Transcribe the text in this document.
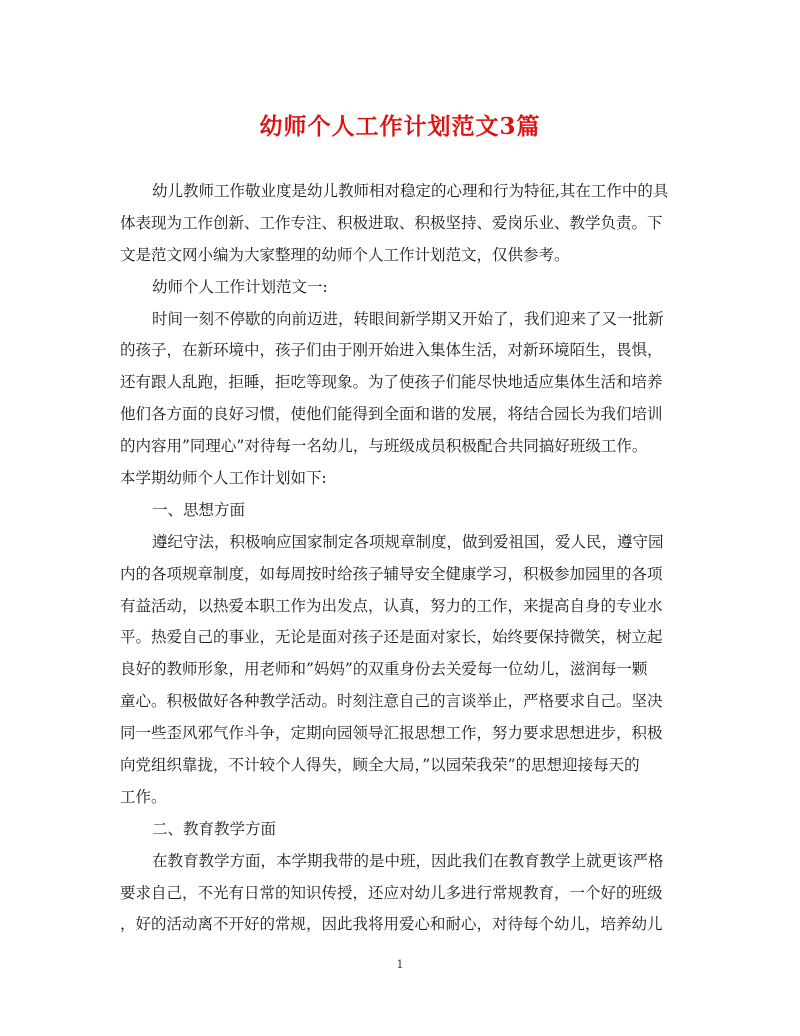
幼师个人工作计划范文3篇
幼儿教师工作敬业度是幼儿教师相对稳定的心理和行为特征,其在工作中的具
体表现为工作创新、工作专注、积极进取、积极坚持、爱岗乐业、教学负责。下
文是范文网小编为大家整理的幼师个人工作计划范文，仅供参考。
幼师个人工作计划范文一:
时间一刻不停歇的向前迈进，转眼间新学期又开始了，我们迎来了又一批新
的孩子，在新环境中，孩子们由于刚开始进入集体生活，对新环境陌生，畏惧，
还有跟人乱跑，拒睡，拒吃等现象。为了使孩子们能尽快地适应集体生活和培养
他们各方面的良好习惯，使他们能得到全面和谐的发展，将结合园长为我们培训
的内容用”同理心”对待每一名幼儿，与班级成员积极配合共同搞好班级工作。
本学期幼师个人工作计划如下:
一、思想方面
遵纪守法，积极响应国家制定各项规章制度，做到爱祖国，爱人民，遵守园
内的各项规章制度，如每周按时给孩子辅导安全健康学习，积极参加园里的各项
有益活动，以热爱本职工作为出发点，认真，努力的工作，来提高自身的专业水
平。热爱自己的事业，无论是面对孩子还是面对家长，始终要保持微笑，树立起
良好的教师形象，用老师和”妈妈”的双重身份去关爱每一位幼儿，滋润每一颗
童心。积极做好各种教学活动。时刻注意自己的言谈举止，严格要求自己。坚决
同一些歪风邪气作斗争，定期向园领导汇报思想工作，努力要求思想进步，积极
向党组织靠拢，不计较个人得失，顾全大局，”以园荣我荣”的思想迎接每天的
工作。
二、教育教学方面
在教育教学方面，本学期我带的是中班，因此我们在教育教学上就更该严格
要求自己，不光有日常的知识传授，还应对幼儿多进行常规教育，一个好的班级
，好的活动离不开好的常规，因此我将用爱心和耐心，对待每个幼儿，培养幼儿
1
